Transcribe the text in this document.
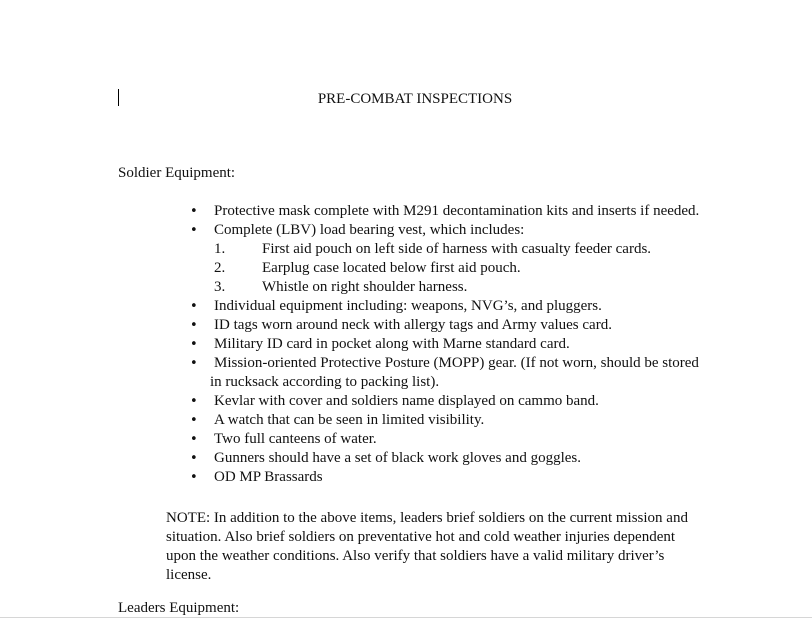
PRE-COMBAT INSPECTIONS
Soldier Equipment:
•	Protective mask complete with M291 decontamination kits and inserts if needed.
•	Complete (LBV) load bearing vest, which includes:
1. First aid pouch on left side of harness with casualty feeder cards.
2. Earplug case located below first aid pouch.
3. Whistle on right shoulder harness.
•	Individual equipment including: weapons, NVG’s, and pluggers.
•	ID tags worn around neck with allergy tags and Army values card.
•	Military ID card in pocket along with Marne standard card.
•	Mission-oriented Protective Posture (MOPP) gear. (If not worn, should be stored
in rucksack according to packing list).
•	Kevlar with cover and soldiers name displayed on cammo band.
•	A watch that can be seen in limited visibility.
•	Two full canteens of water.
•	Gunners should have a set of black work gloves and goggles.
•	OD MP Brassards
NOTE: In addition to the above items, leaders brief soldiers on the current mission and
situation. Also brief soldiers on preventative hot and cold weather injuries dependent
upon the weather conditions. Also verify that soldiers have a valid military driver’s
license.
Leaders Equipment:
